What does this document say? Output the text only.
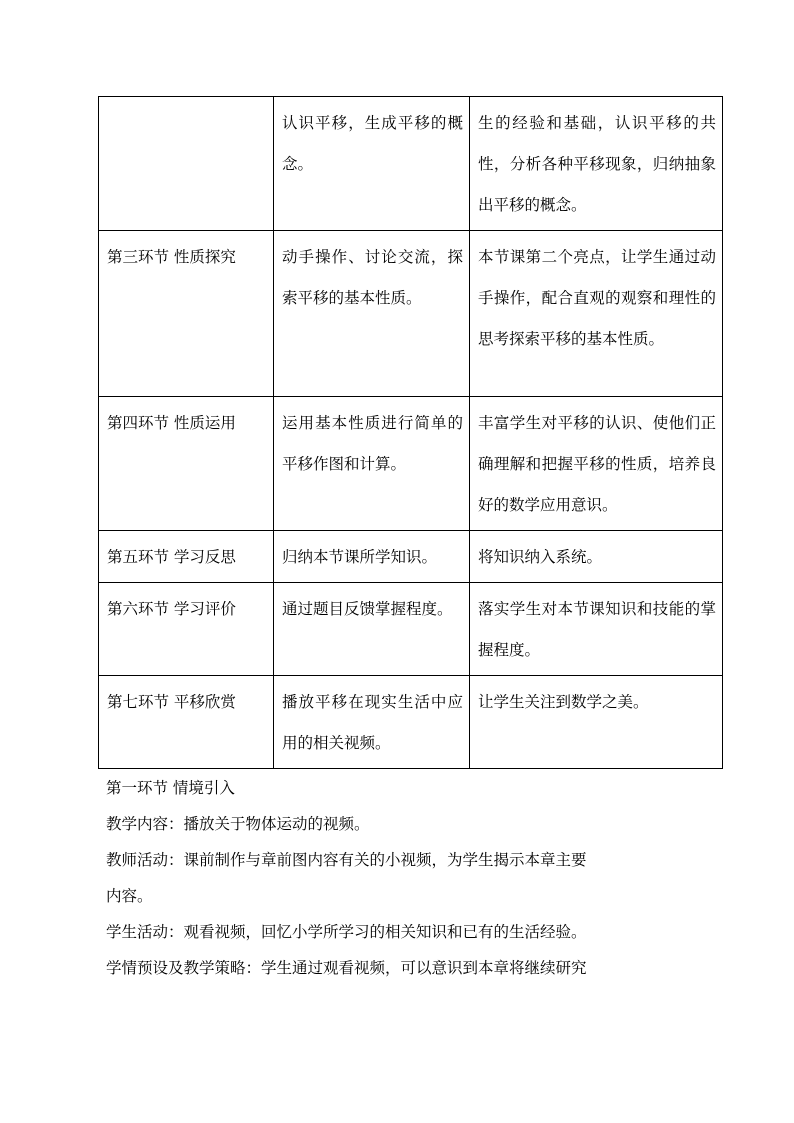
	认识平移，生成平移的概念。	生的经验和基础，认识平移的共性，分析各种平移现象，归纳抽象出平移的概念。
第三环节 性质探究	动手操作、讨论交流，探索平移的基本性质。	本节课第二个亮点，让学生通过动手操作，配合直观的观察和理性的思考探索平移的基本性质。
第四环节 性质运用	运用基本性质进行简单的平移作图和计算。	丰富学生对平移的认识、使他们正确理解和把握平移的性质，培养良好的数学应用意识。
第五环节 学习反思	归纳本节课所学知识。	将知识纳入系统。
第六环节 学习评价	通过题目反馈掌握程度。	落实学生对本节课知识和技能的掌握程度。
第七环节 平移欣赏	播放平移在现实生活中应用的相关视频。	让学生关注到数学之美。

第一环节 情境引入

教学内容：播放关于物体运动的视频。

教师活动：课前制作与章前图内容有关的小视频，为学生揭示本章主要

内容。

学生活动：观看视频，回忆小学所学习的相关知识和已有的生活经验。

学情预设及教学策略：学生通过观看视频，可以意识到本章将继续研究
